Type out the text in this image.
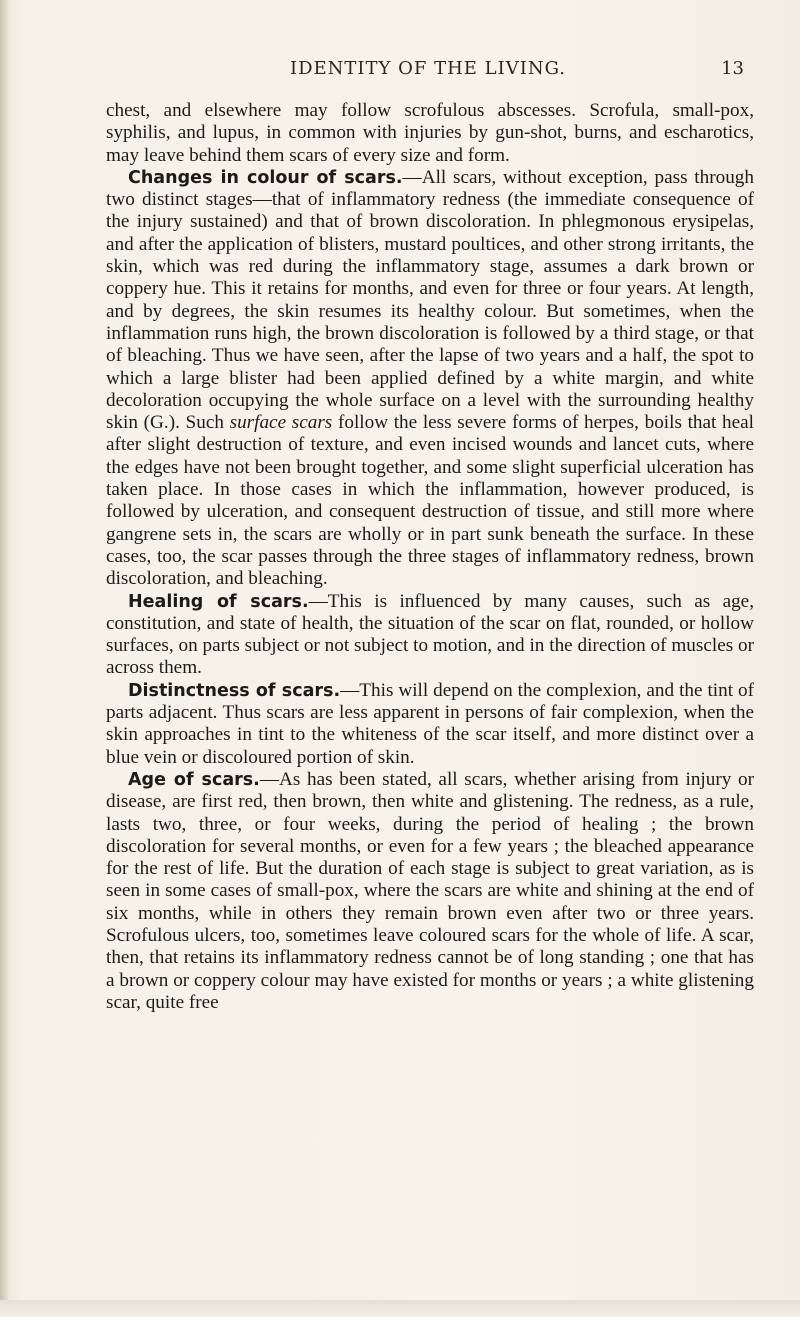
IDENTITY OF THE LIVING.	13

chest, and elsewhere may follow scrofulous abscesses. Scrofula, small-pox, syphilis, and lupus, in common with injuries by gun-shot, burns, and escharotics, may leave behind them scars of every size and form.

Changes in colour of scars.—All scars, without exception, pass through two distinct stages—that of inflammatory redness (the immediate consequence of the injury sustained) and that of brown discoloration. In phlegmonous erysipelas, and after the application of blisters, mustard poultices, and other strong irritants, the skin, which was red during the inflammatory stage, assumes a dark brown or coppery hue. This it retains for months, and even for three or four years. At length, and by degrees, the skin resumes its healthy colour. But sometimes, when the inflammation runs high, the brown discoloration is followed by a third stage, or that of bleaching. Thus we have seen, after the lapse of two years and a half, the spot to which a large blister had been applied defined by a white margin, and white decoloration occupying the whole surface on a level with the surrounding healthy skin (G.). Such surface scars follow the less severe forms of herpes, boils that heal after slight destruction of texture, and even incised wounds and lancet cuts, where the edges have not been brought together, and some slight superficial ulceration has taken place. In those cases in which the inflammation, however produced, is followed by ulceration, and consequent destruction of tissue, and still more where gangrene sets in, the scars are wholly or in part sunk beneath the surface. In these cases, too, the scar passes through the three stages of inflammatory redness, brown discoloration, and bleaching.

Healing of scars.—This is influenced by many causes, such as age, constitution, and state of health, the situation of the scar on flat, rounded, or hollow surfaces, on parts subject or not subject to motion, and in the direction of muscles or across them.

Distinctness of scars.—This will depend on the complexion, and the tint of parts adjacent. Thus scars are less apparent in persons of fair complexion, when the skin approaches in tint to the whiteness of the scar itself, and more distinct over a blue vein or discoloured portion of skin.

Age of scars.—As has been stated, all scars, whether arising from injury or disease, are first red, then brown, then white and glistening. The redness, as a rule, lasts two, three, or four weeks, during the period of healing ; the brown discoloration for several months, or even for a few years ; the bleached appearance for the rest of life. But the duration of each stage is subject to great variation, as is seen in some cases of small-pox, where the scars are white and shining at the end of six months, while in others they remain brown even after two or three years. Scrofulous ulcers, too, sometimes leave coloured scars for the whole of life. A scar, then, that retains its inflammatory redness cannot be of long standing ; one that has a brown or coppery colour may have existed for months or years ; a white glistening scar, quite free
